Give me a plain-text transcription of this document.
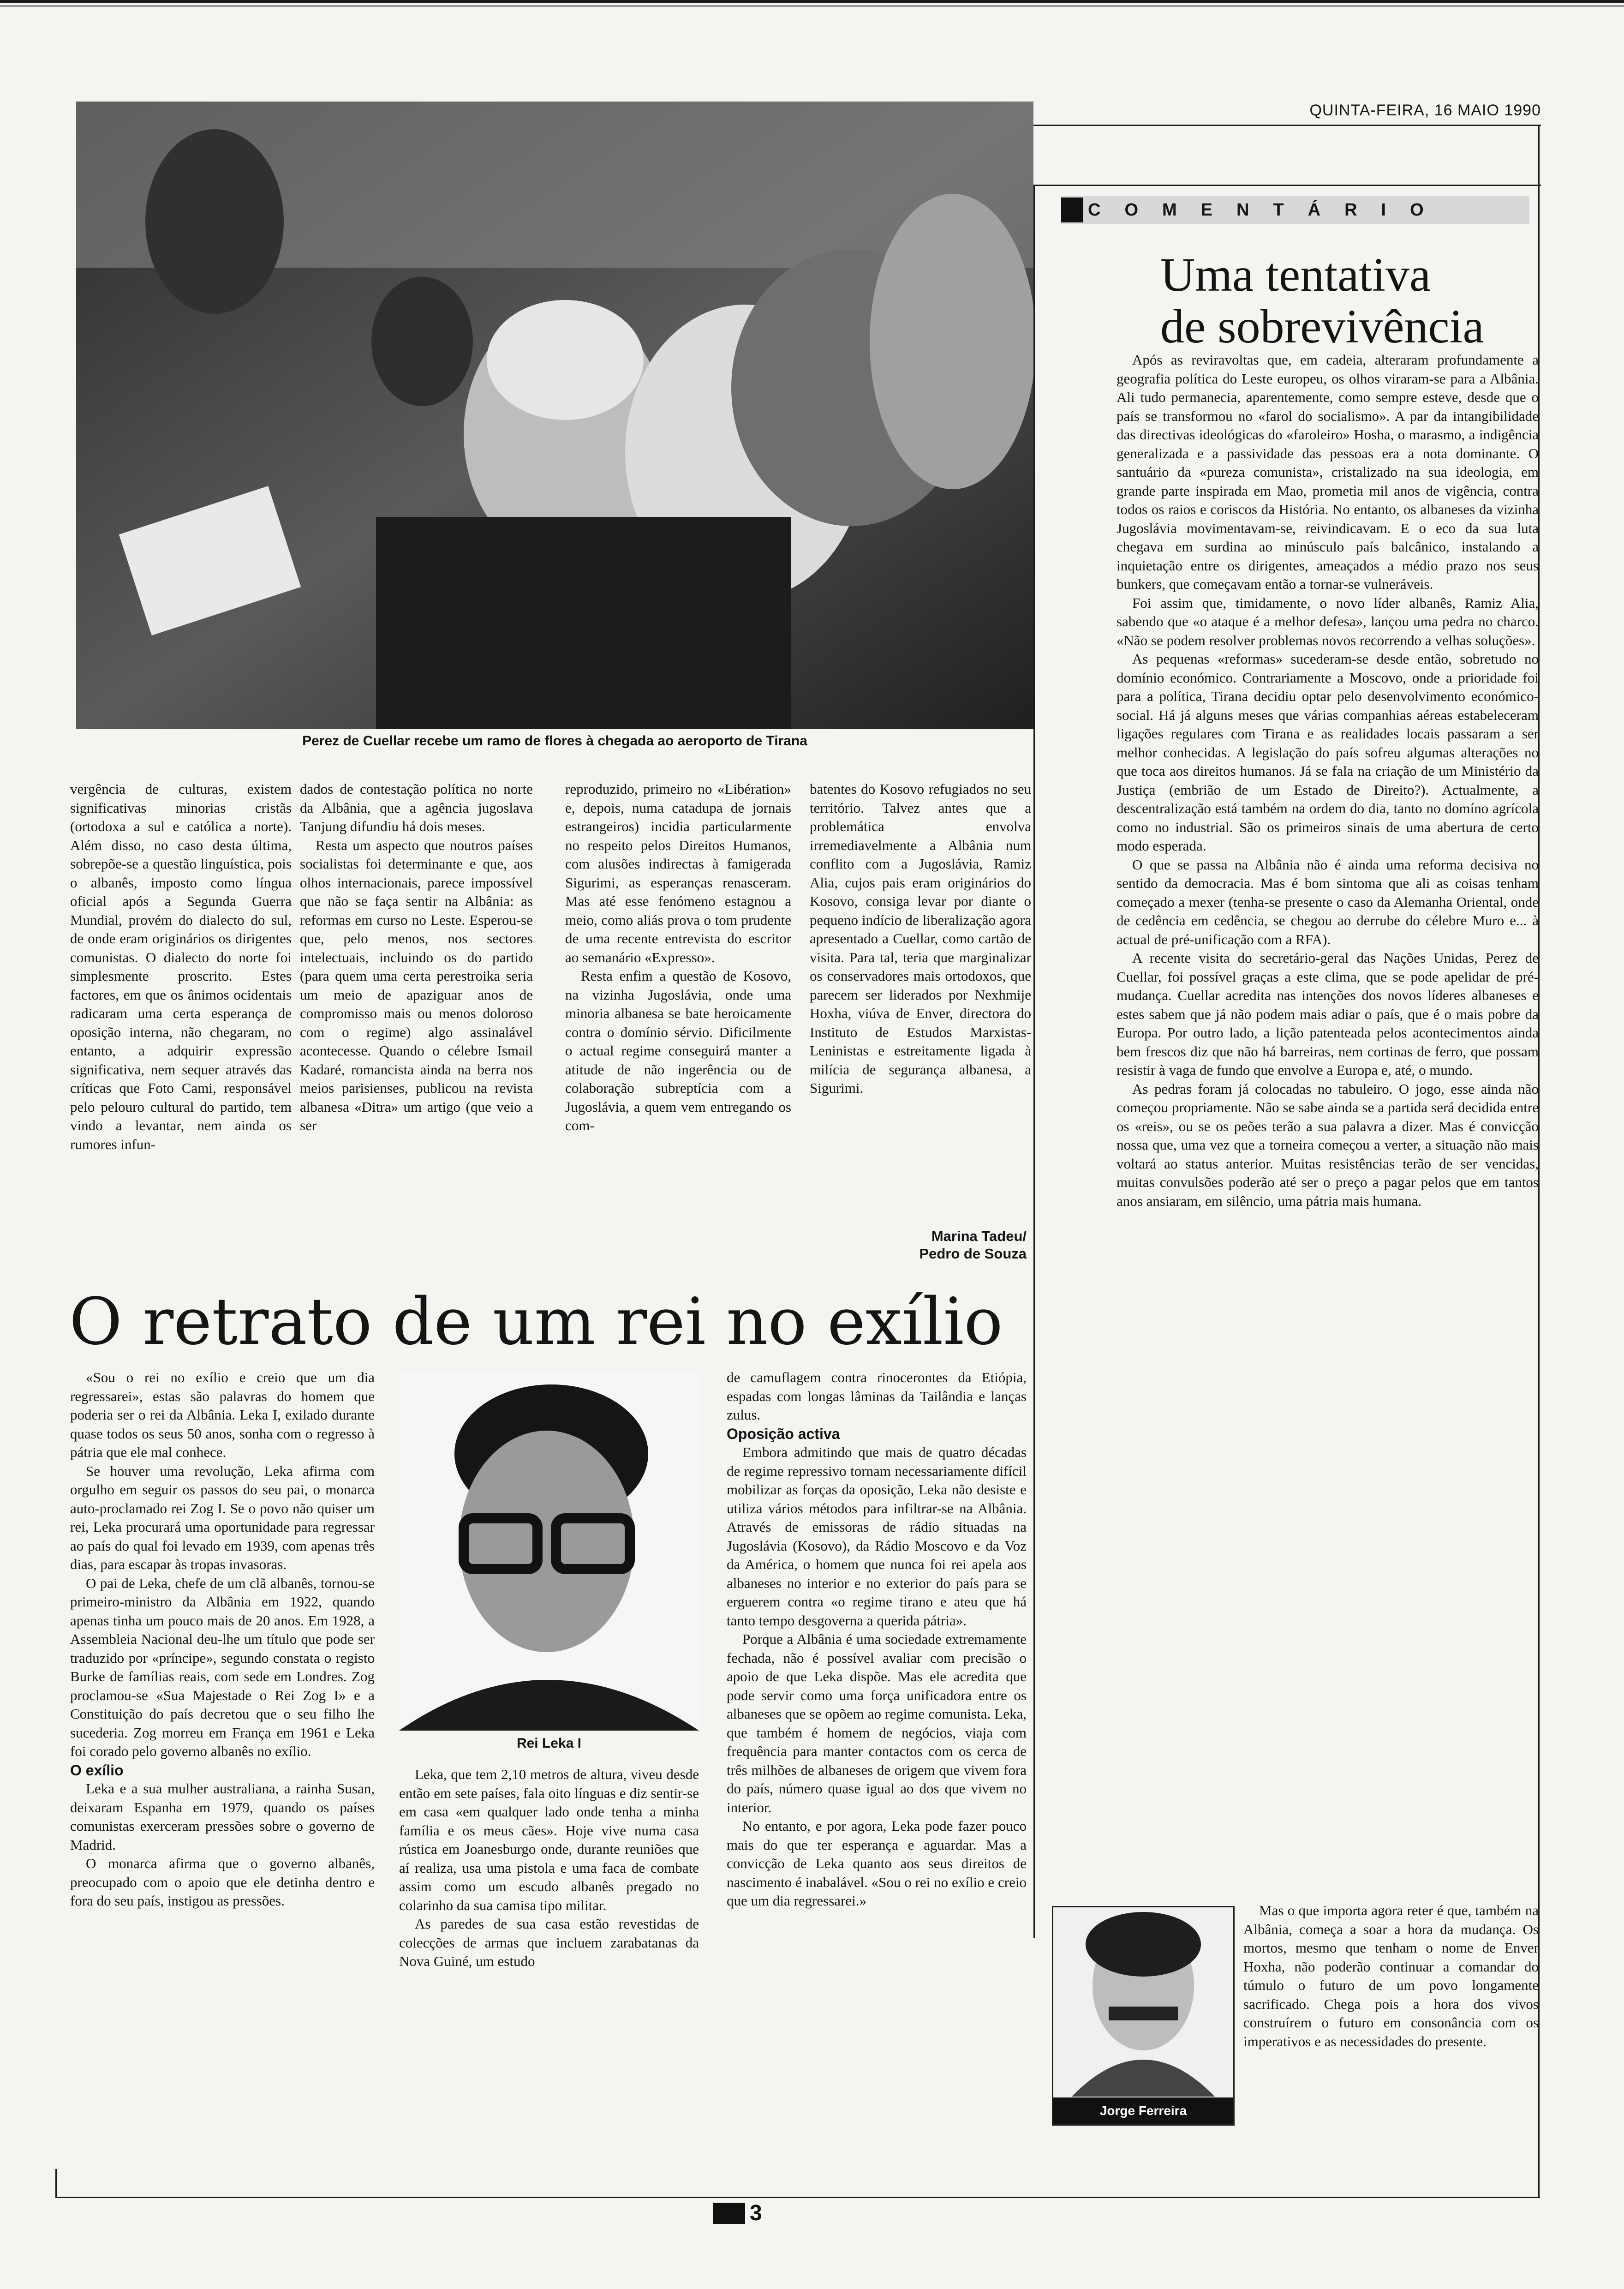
QUINTA-FEIRA, 16 MAIO 1990
Perez de Cuellar recebe um ramo de flores à chegada ao aeroporto de Tirana

vergência de culturas, existem significativas minorias cristãs (ortodoxa a sul e católica a norte). Além disso, no caso desta última, sobrepõe-se a questão linguística, pois o albanês, imposto como língua oficial após a Segunda Guerra Mundial, provém do dialecto do sul, de onde eram originários os dirigentes comunistas. O dialecto do norte foi simplesmente proscrito. Estes factores, em que os ânimos ocidentais radicaram uma certa esperança de oposição interna, não chegaram, no entanto, a adquirir expressão significativa, nem sequer através das críticas que Foto Cami, responsável pelo pelouro cultural do partido, tem vindo a levantar, nem ainda os rumores infun-

dados de contestação política no norte da Albânia, que a agência jugoslava Tanjung difundiu há dois meses.

Resta um aspecto que noutros países socialistas foi determinante e que, aos olhos internacionais, parece impossível que não se faça sentir na Albânia: as reformas em curso no Leste. Esperou-se que, pelo menos, nos sectores intelectuais, incluindo os do partido (para quem uma certa perestroika seria um meio de apaziguar anos de compromisso mais ou menos doloroso com o regime) algo assinalável acontecesse. Quando o célebre Ismail Kadaré, romancista ainda na berra nos meios parisienses, publicou na revista albanesa «Ditra» um artigo (que veio a ser

reproduzido, primeiro no «Libération» e, depois, numa catadupa de jornais estrangeiros) incidia particularmente no respeito pelos Direitos Humanos, com alusões indirectas à famigerada Sigurimi, as esperanças renasceram. Mas até esse fenómeno estagnou a meio, como aliás prova o tom prudente de uma recente entrevista do escritor ao semanário «Expresso».

Resta enfim a questão de Kosovo, na vizinha Jugoslávia, onde uma minoria albanesa se bate heroicamente contra o domínio sérvio. Dificilmente o actual regime conseguirá manter a atitude de não ingerência ou de colaboração subreptícia com a Jugoslávia, a quem vem entregando os com-

batentes do Kosovo refugiados no seu território. Talvez antes que a problemática envolva irremediavelmente a Albânia num conflito com a Jugoslávia, Ramiz Alia, cujos pais eram originários do Kosovo, consiga levar por diante o pequeno indício de liberalização agora apresentado a Cuellar, como cartão de visita. Para tal, teria que marginalizar os conservadores mais ortodoxos, que parecem ser liderados por Nexhmije Hoxha, viúva de Enver, directora do Instituto de Estudos Marxistas-Leninistas e estreitamente ligada à milícia de segurança albanesa, a Sigurimi.

Marina Tadeu/
Pedro de Souza
COMENTÁRIO
Uma tentativa
de sobrevivência

Após as reviravoltas que, em cadeia, alteraram profundamente a geografia política do Leste europeu, os olhos viraram-se para a Albânia. Ali tudo permanecia, aparentemente, como sempre esteve, desde que o país se transformou no «farol do socialismo». A par da intangibilidade das directivas ideológicas do «faroleiro» Hosha, o marasmo, a indigência generalizada e a passividade das pessoas era a nota dominante. O santuário da «pureza comunista», cristalizado na sua ideologia, em grande parte inspirada em Mao, prometia mil anos de vigência, contra todos os raios e coriscos da História. No entanto, os albaneses da vizinha Jugoslávia movimentavam-se, reivindicavam. E o eco da sua luta chegava em surdina ao minúsculo país balcânico, instalando a inquietação entre os dirigentes, ameaçados a médio prazo nos seus bunkers, que começavam então a tornar-se vulneráveis.

Foi assim que, timidamente, o novo líder albanês, Ramiz Alia, sabendo que «o ataque é a melhor defesa», lançou uma pedra no charco. «Não se podem resolver problemas novos recorrendo a velhas soluções».

As pequenas «reformas» sucederam-se desde então, sobretudo no domínio económico. Contrariamente a Moscovo, onde a prioridade foi para a política, Tirana decidiu optar pelo desenvolvimento económico-social. Há já alguns meses que várias companhias aéreas estabeleceram ligações regulares com Tirana e as realidades locais passaram a ser melhor conhecidas. A legislação do país sofreu algumas alterações no que toca aos direitos humanos. Já se fala na criação de um Ministério da Justiça (embrião de um Estado de Direito?). Actualmente, a descentralização está também na ordem do dia, tanto no domíno agrícola como no industrial. São os primeiros sinais de uma abertura de certo modo esperada.

O que se passa na Albânia não é ainda uma reforma decisiva no sentido da democracia. Mas é bom sintoma que ali as coisas tenham começado a mexer (tenha-se presente o caso da Alemanha Oriental, onde de cedência em cedência, se chegou ao derrube do célebre Muro e... à actual de pré-unificação com a RFA).

A recente visita do secretário-geral das Nações Unidas, Perez de Cuellar, foi possível graças a este clima, que se pode apelidar de pré-mudança. Cuellar acredita nas intenções dos novos líderes albaneses e estes sabem que já não podem mais adiar o país, que é o mais pobre da Europa. Por outro lado, a lição patenteada pelos acontecimentos ainda bem frescos diz que não há barreiras, nem cortinas de ferro, que possam resistir à vaga de fundo que envolve a Europa e, até, o mundo.

As pedras foram já colocadas no tabuleiro. O jogo, esse ainda não começou propriamente. Não se sabe ainda se a partida será decidida entre os «reis», ou se os peões terão a sua palavra a dizer. Mas é convicção nossa que, uma vez que a torneira começou a verter, a situação não mais voltará ao status anterior. Muitas resistências terão de ser vencidas, muitas convulsões poderão até ser o preço a pagar pelos que em tantos anos ansiaram, em silêncio, uma pátria mais humana.

Mas o que importa agora reter é que, também na Albânia, começa a soar a hora da mudança. Os mortos, mesmo que tenham o nome de Enver Hoxha, não poderão continuar a comandar do túmulo o futuro de um povo longamente sacrificado. Chega pois a hora dos vivos construírem o futuro em consonância com os imperativos e as necessidades do presente.

Jorge Ferreira
O retrato de um rei no exílio

«Sou o rei no exílio e creio que um dia regressarei», estas são palavras do homem que poderia ser o rei da Albânia. Leka I, exilado durante quase todos os seus 50 anos, sonha com o regresso à pátria que ele mal conhece.

Se houver uma revolução, Leka afirma com orgulho em seguir os passos do seu pai, o monarca auto-proclamado rei Zog I. Se o povo não quiser um rei, Leka procurará uma oportunidade para regressar ao país do qual foi levado em 1939, com apenas três dias, para escapar às tropas invasoras.

O pai de Leka, chefe de um clã albanês, tornou-se primeiro-ministro da Albânia em 1922, quando apenas tinha um pouco mais de 20 anos. Em 1928, a Assembleia Nacional deu-lhe um título que pode ser traduzido por «príncipe», segundo constata o registo Burke de famílias reais, com sede em Londres. Zog proclamou-se «Sua Majestade o Rei Zog I» e a Constituição do país decretou que o seu filho lhe sucederia. Zog morreu em França em 1961 e Leka foi corado pelo governo albanês no exílio.

O exílio

Leka e a sua mulher australiana, a rainha Susan, deixaram Espanha em 1979, quando os países comunistas exerceram pressões sobre o governo de Madrid.

O monarca afirma que o governo albanês, preocupado com o apoio que ele detinha dentro e fora do seu país, instigou as pressões.

Rei Leka I

Leka, que tem 2,10 metros de altura, viveu desde então em sete países, fala oito línguas e diz sentir-se em casa «em qualquer lado onde tenha a minha família e os meus cães». Hoje vive numa casa rústica em Joanesburgo onde, durante reuniões que aí realiza, usa uma pistola e uma faca de combate assim como um escudo albanês pregado no colarinho da sua camisa tipo militar.

As paredes de sua casa estão revestidas de colecções de armas que incluem zarabatanas da Nova Guiné, um estudo

de camuflagem contra rinocerontes da Etiópia, espadas com longas lâminas da Tailândia e lanças zulus.

Oposição activa

Embora admitindo que mais de quatro décadas de regime repressivo tornam necessariamente difícil mobilizar as forças da oposição, Leka não desiste e utiliza vários métodos para infiltrar-se na Albânia. Através de emissoras de rádio situadas na Jugoslávia (Kosovo), da Rádio Moscovo e da Voz da América, o homem que nunca foi rei apela aos albaneses no interior e no exterior do país para se erguerem contra «o regime tirano e ateu que há tanto tempo desgoverna a querida pátria».

Porque a Albânia é uma sociedade extremamente fechada, não é possível avaliar com precisão o apoio de que Leka dispõe. Mas ele acredita que pode servir como uma força unificadora entre os albaneses que se opõem ao regime comunista. Leka, que também é homem de negócios, viaja com frequência para manter contactos com os cerca de três milhões de albaneses de origem que vivem fora do país, número quase igual ao dos que vivem no interior.

No entanto, e por agora, Leka pode fazer pouco mais do que ter esperança e aguardar. Mas a convicção de Leka quanto aos seus direitos de nascimento é inabalável. «Sou o rei no exílio e creio que um dia regressarei.»

3
